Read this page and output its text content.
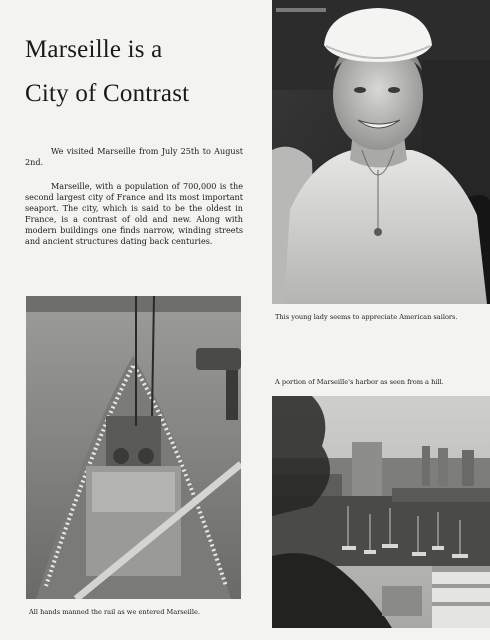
Marseille is a
City of Contrast

We visited Marseille from July 25th to August 2nd.

Marseille, with a population of 700,000 is the second largest city of France and its most important seaport. The city, which is said to be the oldest in France, is a contrast of old and new. Along with modern buildings one finds narrow, winding streets and ancient structures dating back centuries.

This young lady seems to appreciate American sailors.

A portion of Marseille's harbor as seen from a hill.

All hands manned the rail as we entered Marseille.
